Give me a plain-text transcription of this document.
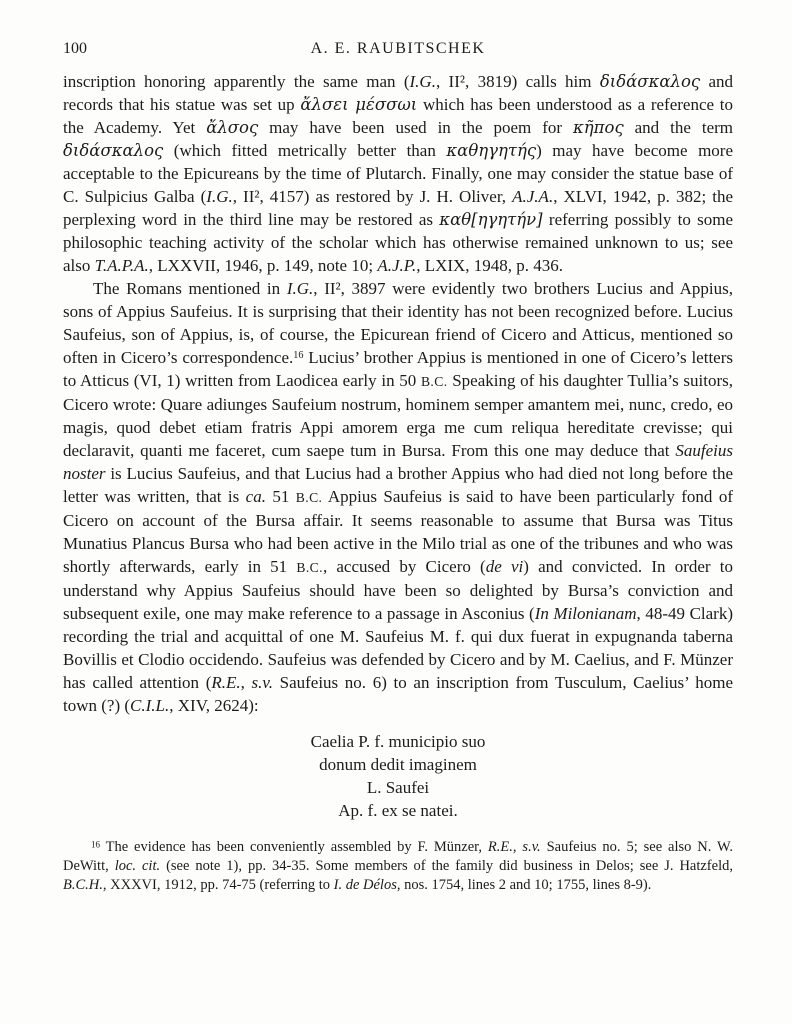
100	A. E. RAUBITSCHEK

inscription honoring apparently the same man (I.G., II², 3819) calls him διδάσκαλος and records that his statue was set up ἄλσει μέσσωι which has been understood as a reference to the Academy. Yet ἄλσος may have been used in the poem for κῆπος and the term διδάσκαλος (which fitted metrically better than καθηγητής) may have become more acceptable to the Epicureans by the time of Plutarch. Finally, one may consider the statue base of C. Sulpicius Galba (I.G., II², 4157) as restored by J. H. Oliver, A.J.A., XLVI, 1942, p. 382; the perplexing word in the third line may be restored as καθ[ηγητήν] referring possibly to some philosophic teaching activity of the scholar which has otherwise remained unknown to us; see also T.A.P.A., LXXVII, 1946, p. 149, note 10; A.J.P., LXIX, 1948, p. 436.

The Romans mentioned in I.G., II², 3897 were evidently two brothers Lucius and Appius, sons of Appius Saufeius. It is surprising that their identity has not been recognized before. Lucius Saufeius, son of Appius, is, of course, the Epicurean friend of Cicero and Atticus, mentioned so often in Cicero’s correspondence.$^{16}$ Lucius’ brother Appius is mentioned in one of Cicero’s letters to Atticus (VI, 1) written from Laodicea early in 50 B.C. Speaking of his daughter Tullia’s suitors, Cicero wrote: Quare adiunges Saufeium nostrum, hominem semper amantem mei, nunc, credo, eo magis, quod debet etiam fratris Appi amorem erga me cum reliqua hereditate crevisse; qui declaravit, quanti me faceret, cum saepe tum in Bursa. From this one may deduce that Saufeius noster is Lucius Saufeius, and that Lucius had a brother Appius who had died not long before the letter was written, that is ca. 51 B.C. Appius Saufeius is said to have been particularly fond of Cicero on account of the Bursa affair. It seems reasonable to assume that Bursa was Titus Munatius Plancus Bursa who had been active in the Milo trial as one of the tribunes and who was shortly afterwards, early in 51 B.C., accused by Cicero (de vi) and convicted. In order to understand why Appius Saufeius should have been so delighted by Bursa’s conviction and subsequent exile, one may make reference to a passage in Asconius (In Milonianam, 48-49 Clark) recording the trial and acquittal of one M. Saufeius M. f. qui dux fuerat in expugnanda taberna Bovillis et Clodio occidendo. Saufeius was defended by Cicero and by M. Caelius, and F. Münzer has called attention (R.E., s.v. Saufeius no. 6) to an inscription from Tusculum, Caelius’ home town (?) (C.I.L., XIV, 2624):

Caelia P. f. municipio suo
donum dedit imaginem
L. Saufei
Ap. f. ex se natei.
$^{16}$ The evidence has been conveniently assembled by F. Münzer, R.E., s.v. Saufeius no. 5; see also N. W. DeWitt, loc. cit. (see note 1), pp. 34-35. Some members of the family did business in Delos; see J. Hatzfeld, B.C.H., XXXVI, 1912, pp. 74-75 (referring to I. de Délos, nos. 1754, lines 2 and 10; 1755, lines 8-9).
